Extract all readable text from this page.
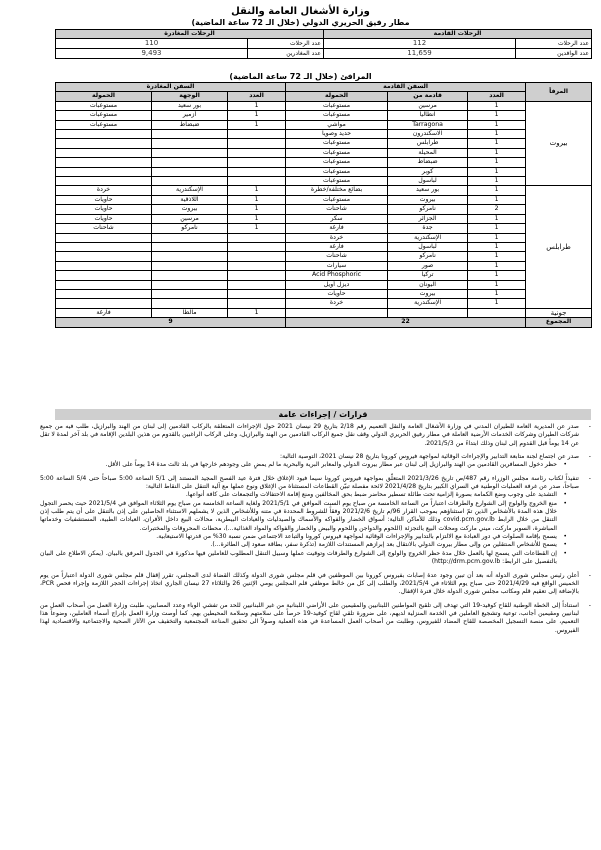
وزارة الأشغال العامة والنقل
مطار رفيق الحريري الدولي (خلال الـ 72 ساعة الماضية)
الرحلات القادمة		الرحلات المغادرة	
عدد الرحلات	112	عدد الرحلات	110
عدد الوافدين	11,659	عدد المغادرين	9,493
المرافئ (خلال الـ 72 ساعة الماضية)
المرفأ	السفن القادمة			السفن المغادرة		
	العدد	قادمة من	الحمولة	العدد	الوجهة	الحمولة
بيروت	1	مرسين	مستوعبات	1	بور سعيد	مستوعبات
	1	انطاليا	مستوعبات	1	أزمير	مستوعبات
	1	Tarragona	مواشي	1	ضبضاط	مستوعبات
	1	الاسكندرون	حديد وصويا			
	1	طرابلس	مستوعبات			
	1	المحيلة	مستوعبات			
	1	ضبضاط	مستوعبات			
	1	كوبر	مستوعبات			
	1	لباسول	مستوعبات			
طرابلس	1	بور سعيد	بضائع مختلفة/خطرة	1	الإسكندرية	خردة
	1	بيروت	مستوعبات	1	اللاذقية	حاويات
	2	نامركو	شاحنات	1	بيروت	حاويات
	1	الجزائر	سكر	1	مرسين	حاويات
	1	جدة	فارغة	1	نامركو	شاحنات
	1	الإسكندرية	خردة			
	1	لباسول	فارغة			
	1	نامركو	شاحنات			
	1	صور	سيارات			
	1	تركيا	Acid Phosphoric			
	1	اليونان	ديزل أويل			
	1	بيروت	حاويات			
	1	الإسكندرية	خردة			
جونية				1	مالطا	فارغة
المجموع	22			9		
قرارات / إجراءات عامة

- صدر عن المديرية العامة للطيران المدني في وزارة الأشغال العامة والنقل التعميم رقم 2/18 بتاريخ 29 نيسان 2021 حول الإجراءات المتعلقة بالركاب القادمين إلى لبنان من الهند والبرازيل، طلب فيه من جميع شركات الطيران وشركات الخدمات الأرضية العاملة في مطار رفيق الحريري الدولي وقف نقل جميع الركاب القادمين من الهند والبرازيل، وعلى الركاب الراغبين بالقدوم من هذين البلدين الإقامة في بلد آخر لمدة لا تقل عن 14 يوماً قبل القدوم إلى لبنان وذلك ابتداءً من 2021/5/3.

- صدر عن اجتماع لجنة متابعة التدابير والإجراءات الوقائية لمواجهة فيروس كورونا بتاريخ 28 نيسان 2021، التوصية التالية:

• حظر دخول المسافرين القادمين من الهند والبرازيل إلى لبنان عبر مطار بيروت الدولي والمعابر البرية والبحرية ما لم يمضِ على وجودهم خارجها في بلد ثالث مدة 14 يوماً على الأقل.

- تنفيذاً لكتاب رئاسة مجلس الوزراء رقم 487/ص تاريخ 2021/3/26 المتعلّق بمواجهة فيروس كورونا سيما فيود الإغلاق خلال فترة عيد الفصح المجيد المستند إلى 5/1 الساعة 5:00 صباحاً حتى 5/4 الساعة 5:00 صباحاً، صدر عن غرفة العمليات الوطنية في السراي الكبير بتاريخ 2021/4/28 لائحة مفصلة تبيّن القطاعات المستثناة من الإغلاق ونوع عملها مع آلية التنقل على النقاط التالية:

• التشديد على وجوب وضع الكمامة بصورة إلزامية تحت طائلة تسطير محاضر ضبط بحق المخالفين ومنع إقامة الاحتفالات والتجمعات على كافة أنواعها.

• منع الخروج والولوج إلى الشوارع والطرقات اعتباراً من الساعة الخامسة من صباح يوم السبت الموافق في 2021/5/1 ولغاية الساعة الخامسة من صباح يوم الثلاثاء الموافق في 2021/5/4 حيث يحصر التجول خلال هذه المدة بالأشخاص الذين تمّ استثناؤهم بموجب القرار 96/م تاريخ 2021/2/6 وفقاً للشروط المحددة في متنه وللأشخاص الذين لا يشملهم الاستثناء الحاصلين على إذن بالتنقل على أن يتم طلب إذن التنقل من خلال الرابط covid.pcm.gov.lb وذلك للأماكن التالية: أسواق الخضار والفواكه والأسماك والصيدليات والعيادات البيطرية، محالات البيع داخل الأفران، العيادات الطبية، المستشفيات وخدماتها المباشرة، السوبر ماركت، ميني ماركت ومحلات البيع بالتجزئة (اللحوم والدواجن واللحوم والبيض والخضار والفواكه والمواد الغذائية...)، محطات المحروقات والمختبرات.

• يسمح بإقامة الصلوات في دور العبادة مع الالتزام بالتدابير والإجراءات الوقائية لمواجهة فيروس كورونا والتباعد الاجتماعي ضمن نسبة 30% من قدرتها الاستيعابية.

• يسمح للأشخاص المنتقلين من وإلى مطار بيروت الدولي بالانتقال بعد إبرازهم المستندات اللازمة (تذكرة سفر، بطاقة صعود إلى الطائرة...).

• إن القطاعات التي يسمح لها بالعمل خلال مدة حظر الخروج والولوج إلى الشوارع والطرقات وتوقيت عملها وسبيل التنقل المطلوب للعاملين فيها مذكورة في الجدول المرفق بالبيان. (يمكن الاطلاع على البيان بالتفصيل على الرابط: http://drm.pcm.gov.lb)

- أعلن رئيس مجلس شورى الدولة أنه بعد أن تبين وجود عدة إصابات بفيروس كورونا بين الموظفين في قلم مجلس شورى الدولة وكذلك القضاة لدى المجلس، تقرر إقفال قلم مجلس شورى الدولة اعتباراً من يوم الخميس الواقع فيه 2021/4/29 حتى صباح يوم الثلاثاء في 2021/5/4، والطلب إلى كل من خالط موظفي قلم المجلس يومي الإثنين 26 والثلاثاء 27 نيسان الجاري اتخاذ إجراءات الحجر اللازمة وإجراء فحص PCR، بالإضافة إلى تعقيم قلم ومكاتب مجلس شورى الدولة خلال فترة الإقفال.

- استناداً إلى الخطة الوطنية للقاح كوفيد-19 التي تهدف إلى تلقيح المواطنين اللبنانيين والمقيمين على الأراضي اللبنانية من غير اللبنانيين للحد من تفشي الوباء وعدد المصابين، طلبت وزارة العمل من أصحاب العمل من لبنانيين ومقيمين أجانب، توعية وتشجيع العاملين في الخدمة المنزلية لديهم، على ضرورة تلقي لقاح كوفيد-19 حرصاً على سلامتهم وسلامة المحيطين بهم. كما أوصت وزارة العمل بإدراج أسماء العاملين، وضوعاً هذا التعميم، على منصة التسجيل المخصصة للقاح المضاد للفيروس، وطلبت من أصحاب العمل المساعدة في هذه العملية وصولاً الى تحقيق المناعة المجتمعية والتخفيف من الآثار الصحية والاجتماعية والاقتصادية لهذا الفيروس.
